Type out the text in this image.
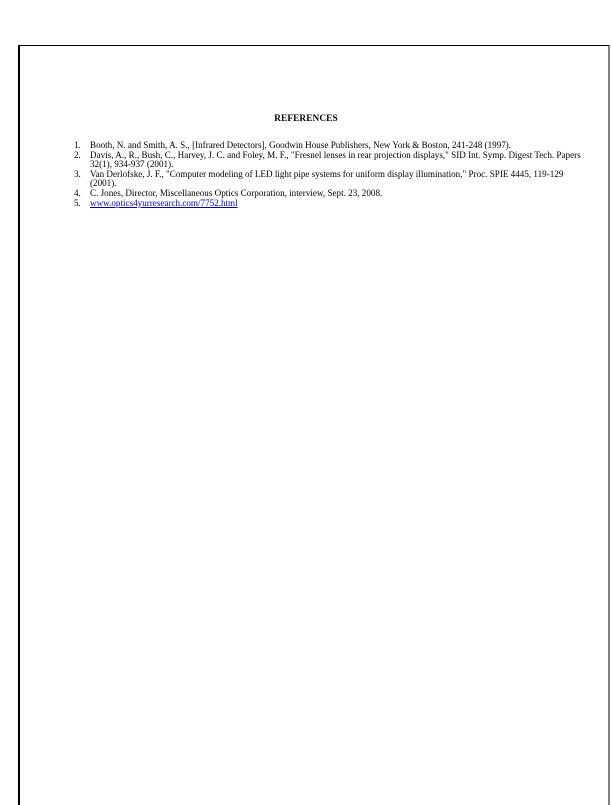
REFERENCES
1. Booth, N. and Smith, A. S., [Infrared Detectors], Goodwin House Publishers, New York & Boston, 241-248 (1997).
2. Davis, A., R., Bush, C., Harvey, J. C. and Foley, M. F., "Fresnel lenses in rear projection displays," SID Int. Symp. Digest Tech. Papers 32(1), 934-937 (2001).
3. Van Derlofske, J. F., "Computer modeling of LED light pipe systems for uniform display illumination," Proc. SPIE 4445, 119-129 (2001).
4. C. Jones, Director, Miscellaneous Optics Corporation, interview, Sept. 23, 2008.
5. www.optics4yurresearch.com/7752.html
